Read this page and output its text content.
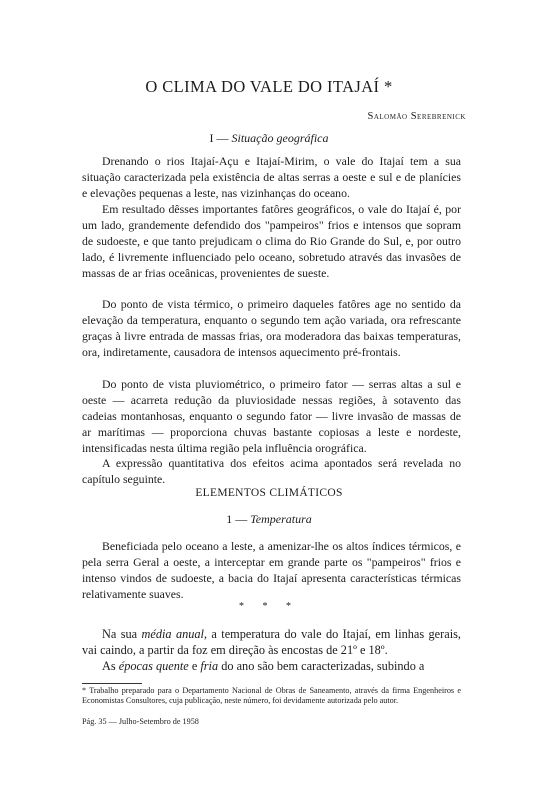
O CLIMA DO VALE DO ITAJAÍ *
Salomão Serebrenick
I — Situação geográfica
Drenando o rios Itajaí-Açu e Itajaí-Mirim, o vale do Itajaí tem a sua situação caracterizada pela existência de altas serras a oeste e sul e de planícies e elevações pequenas a leste, nas vizinhanças do oceano.
Em resultado dêsses importantes fatôres geográficos, o vale do Itajaí é, por um lado, grandemente defendido dos "pampeiros" frios e intensos que sopram de sudoeste, e que tanto prejudicam o clima do Rio Grande do Sul, e, por outro lado, é livremente influenciado pelo oceano, sobretudo através das invasões de massas de ar frias oceânicas, provenientes de sueste.
Do ponto de vista térmico, o primeiro daqueles fatôres age no sentido da elevação da temperatura, enquanto o segundo tem ação variada, ora refrescante graças à livre entrada de massas frias, ora moderadora das baixas temperaturas, ora, indiretamente, causadora de intensos aquecimento pré-frontais.
Do ponto de vista pluviométrico, o primeiro fator — serras altas a sul e oeste — acarreta redução da pluviosidade nessas regiões, à sotavento das cadeias montanhosas, enquanto o segundo fator — livre invasão de massas de ar marítimas — proporciona chuvas bastante copiosas a leste e nordeste, intensificadas nesta última região pela influência orográfica.
A expressão quantitativa dos efeitos acima apontados será revelada no capítulo seguinte.
ELEMENTOS CLIMÁTICOS
1 — Temperatura
Beneficiada pelo oceano a leste, a amenizar-lhe os altos índices térmicos, e pela serra Geral a oeste, a interceptar em grande parte os "pampeiros" frios e intenso vindos de sudoeste, a bacia do Itajaí apresenta características térmicas relativamente suaves.
* * *
Na sua média anual, a temperatura do vale do Itajaí, em linhas gerais, vai caindo, a partir da foz em direção às encostas de 21º e 18º.
As épocas quente e fria do ano são bem caracterizadas, subindo a
* Trabalho preparado para o Departamento Nacional de Obras de Saneamento, através da firma Engenheiros e Economistas Consultores, cuja publicação, neste número, foi devidamente autorizada pelo autor.
Pág. 35 — Julho-Setembro de 1958
